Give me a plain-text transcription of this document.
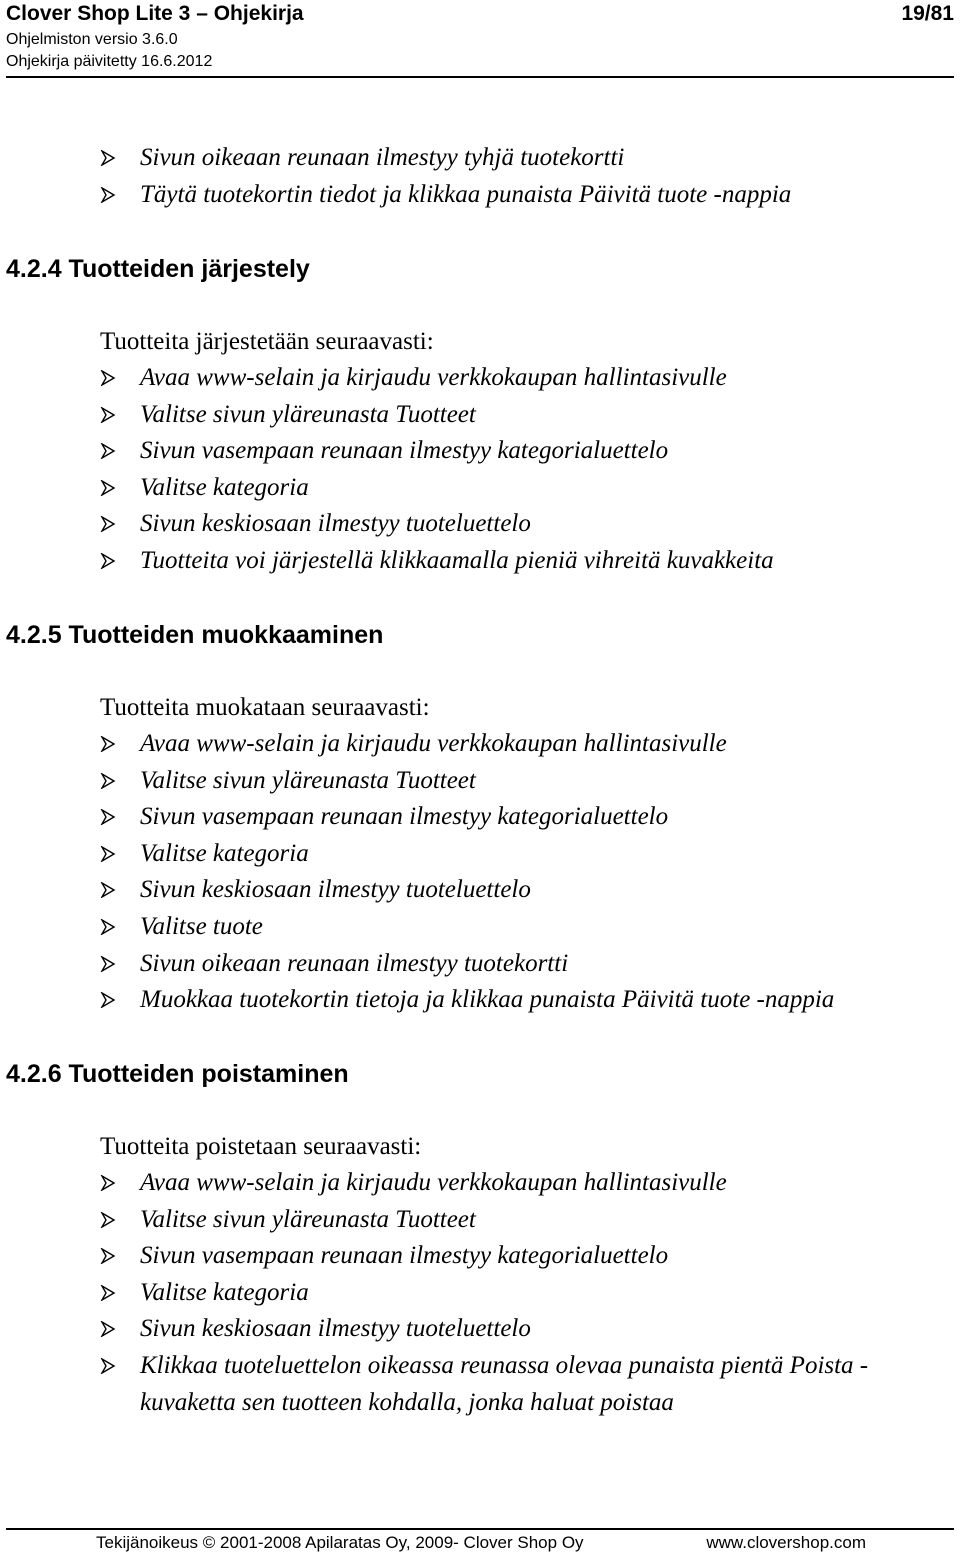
Clover Shop Lite 3 – Ohjekirja	19/81
Ohjelmiston versio 3.6.0
Ohjekirja päivitetty 16.6.2012
Sivun oikeaan reunaan ilmestyy tyhjä tuotekortti
Täytä tuotekortin tiedot ja klikkaa punaista Päivitä tuote -nappia
4.2.4 Tuotteiden järjestely
Tuotteita järjestetään seuraavasti:
Avaa www-selain ja kirjaudu verkkokaupan hallintasivulle
Valitse sivun yläreunasta Tuotteet
Sivun vasempaan reunaan ilmestyy kategorialuettelo
Valitse kategoria
Sivun keskiosaan ilmestyy tuoteluettelo
Tuotteita voi järjestellä klikkaamalla pieniä vihreitä kuvakkeita
4.2.5 Tuotteiden muokkaaminen
Tuotteita muokataan seuraavasti:
Avaa www-selain ja kirjaudu verkkokaupan hallintasivulle
Valitse sivun yläreunasta Tuotteet
Sivun vasempaan reunaan ilmestyy kategorialuettelo
Valitse kategoria
Sivun keskiosaan ilmestyy tuoteluettelo
Valitse tuote
Sivun oikeaan reunaan ilmestyy tuotekortti
Muokkaa tuotekortin tietoja ja klikkaa punaista Päivitä tuote -nappia
4.2.6 Tuotteiden poistaminen
Tuotteita poistetaan seuraavasti:
Avaa www-selain ja kirjaudu verkkokaupan hallintasivulle
Valitse sivun yläreunasta Tuotteet
Sivun vasempaan reunaan ilmestyy kategorialuettelo
Valitse kategoria
Sivun keskiosaan ilmestyy tuoteluettelo
Klikkaa tuoteluettelon oikeassa reunassa olevaa punaista pientä Poista -kuvaketta sen tuotteen kohdalla, jonka haluat poistaa
Tekijänoikeus © 2001-2008 Apilaratas Oy, 2009- Clover Shop Oy	www.clovershop.com
